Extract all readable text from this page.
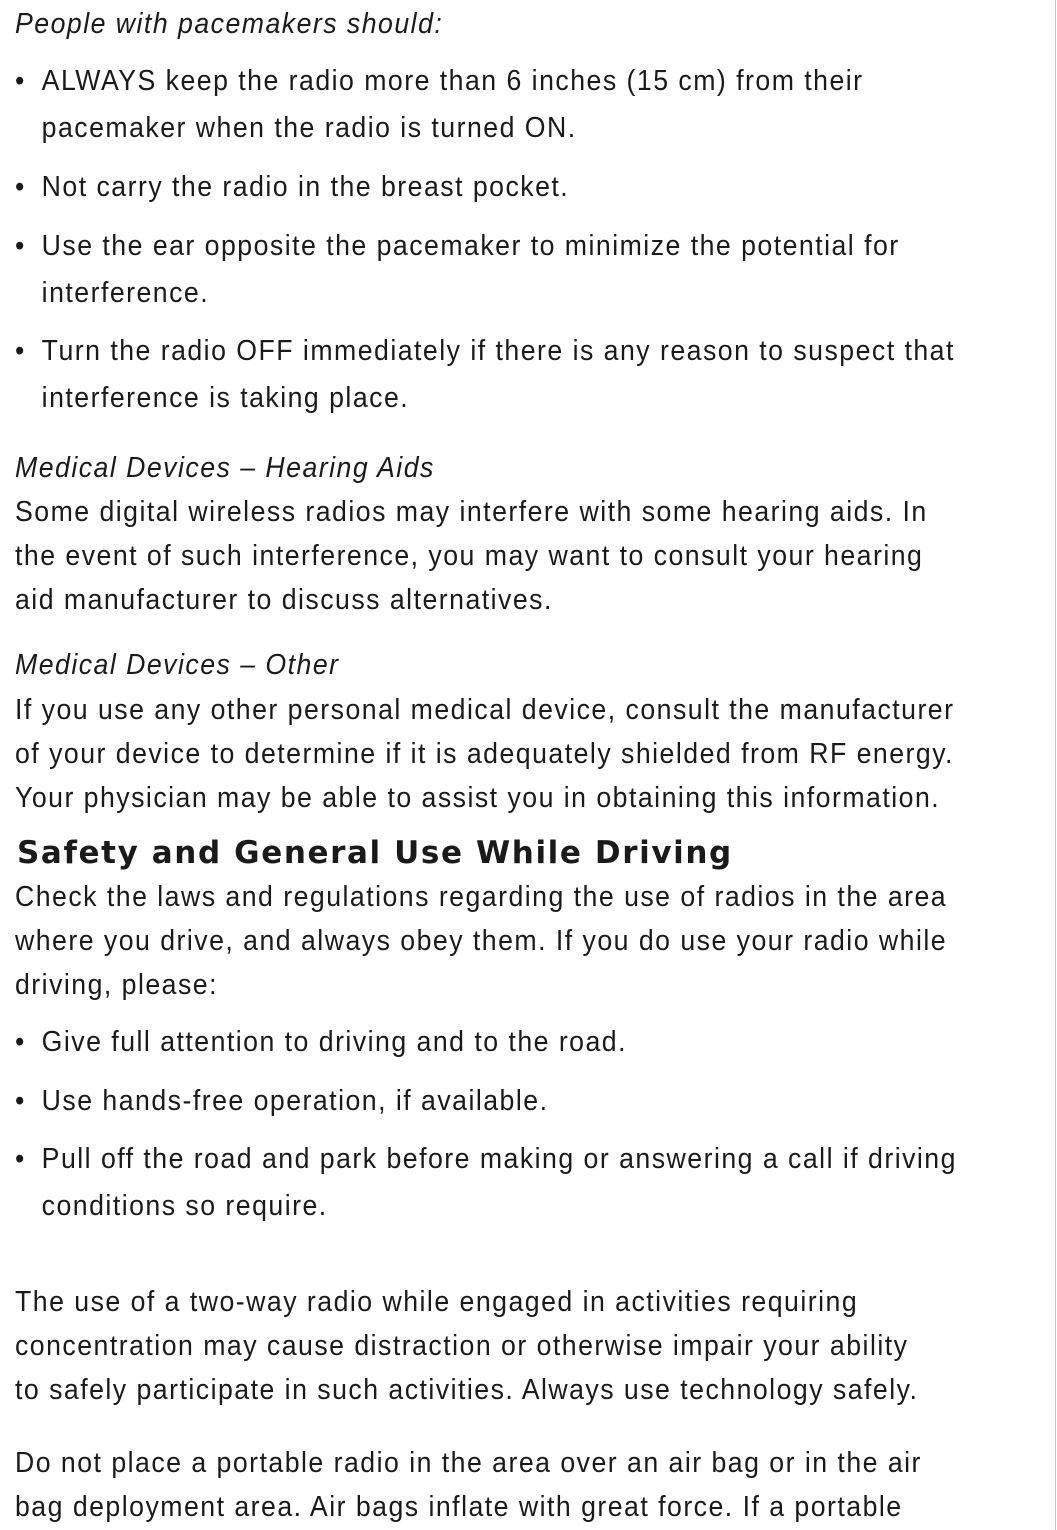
People with pacemakers should:

• ALWAYS keep the radio more than 6 inches (15 cm) from their
pacemaker when the radio is turned ON.
• Not carry the radio in the breast pocket.
• Use the ear opposite the pacemaker to minimize the potential for
interference.
• Turn the radio OFF immediately if there is any reason to suspect that
interference is taking place.

Medical Devices – Hearing Aids

Some digital wireless radios may interfere with some hearing aids. In

the event of such interference, you may want to consult your hearing

aid manufacturer to discuss alternatives.

Medical Devices – Other

If you use any other personal medical device, consult the manufacturer

of your device to determine if it is adequately shielded from RF energy.

Your physician may be able to assist you in obtaining this information.

Safety and General Use While Driving

Check the laws and regulations regarding the use of radios in the area

where you drive, and always obey them. If you do use your radio while

driving, please:

• Give full attention to driving and to the road.
• Use hands-free operation, if available.
• Pull off the road and park before making or answering a call if driving
conditions so require.

The use of a two-way radio while engaged in activities requiring

concentration may cause distraction or otherwise impair your ability

to safely participate in such activities. Always use technology safely.

Do not place a portable radio in the area over an air bag or in the air

bag deployment area. Air bags inflate with great force. If a portable
